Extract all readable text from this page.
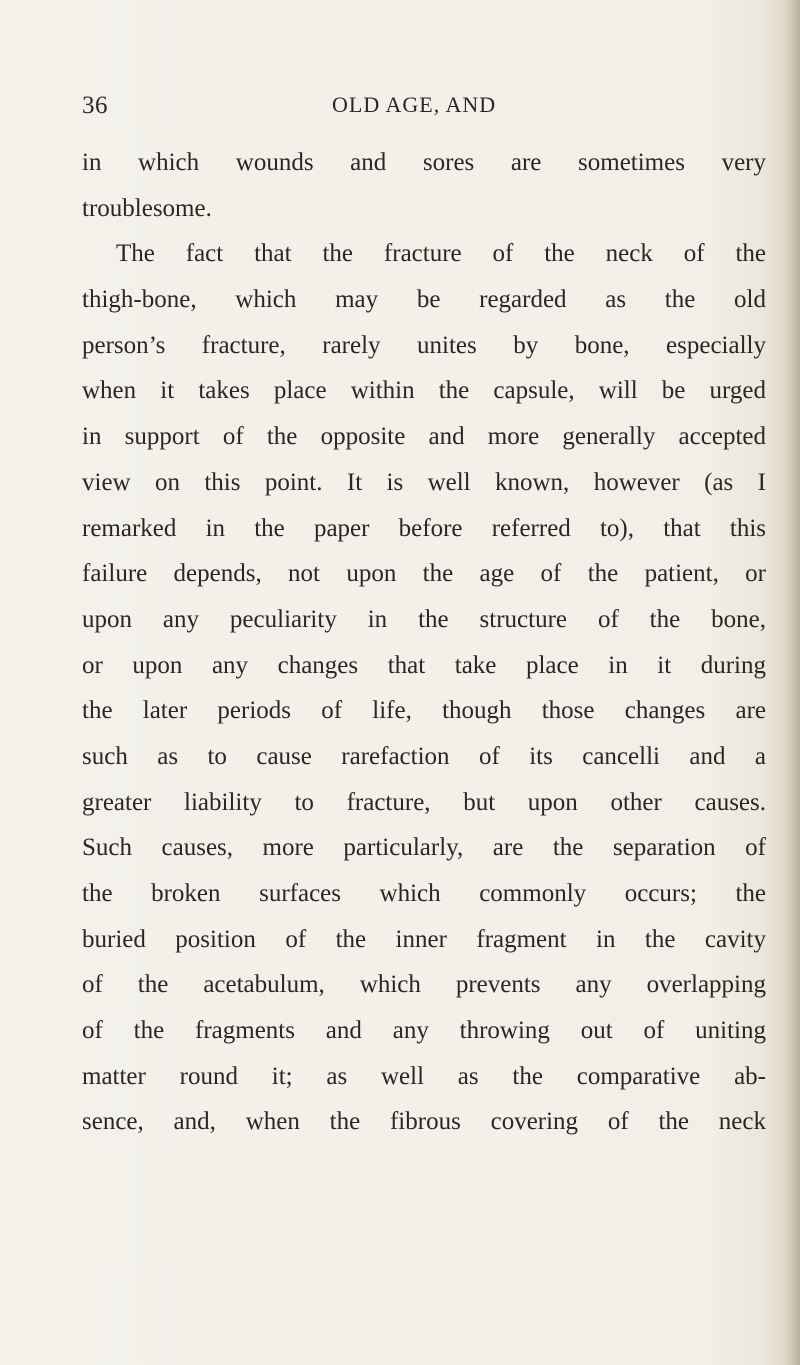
36	OLD AGE, AND
in which wounds and sores are sometimes very
troublesome.
The fact that the fracture of the neck of the
thigh-bone, which may be regarded as the old
person’s fracture, rarely unites by bone, especially
when it takes place within the capsule, will be urged
in support of the opposite and more generally accepted
view on this point. It is well known, however (as I
remarked in the paper before referred to), that this
failure depends, not upon the age of the patient, or
upon any peculiarity in the structure of the bone,
or upon any changes that take place in it during
the later periods of life, though those changes are
such as to cause rarefaction of its cancelli and a
greater liability to fracture, but upon other causes.
Such causes, more particularly, are the separation of
the broken surfaces which commonly occurs; the
buried position of the inner fragment in the cavity
of the acetabulum, which prevents any overlapping
of the fragments and any throwing out of uniting
matter round it; as well as the comparative ab-
sence, and, when the fibrous covering of the neck
